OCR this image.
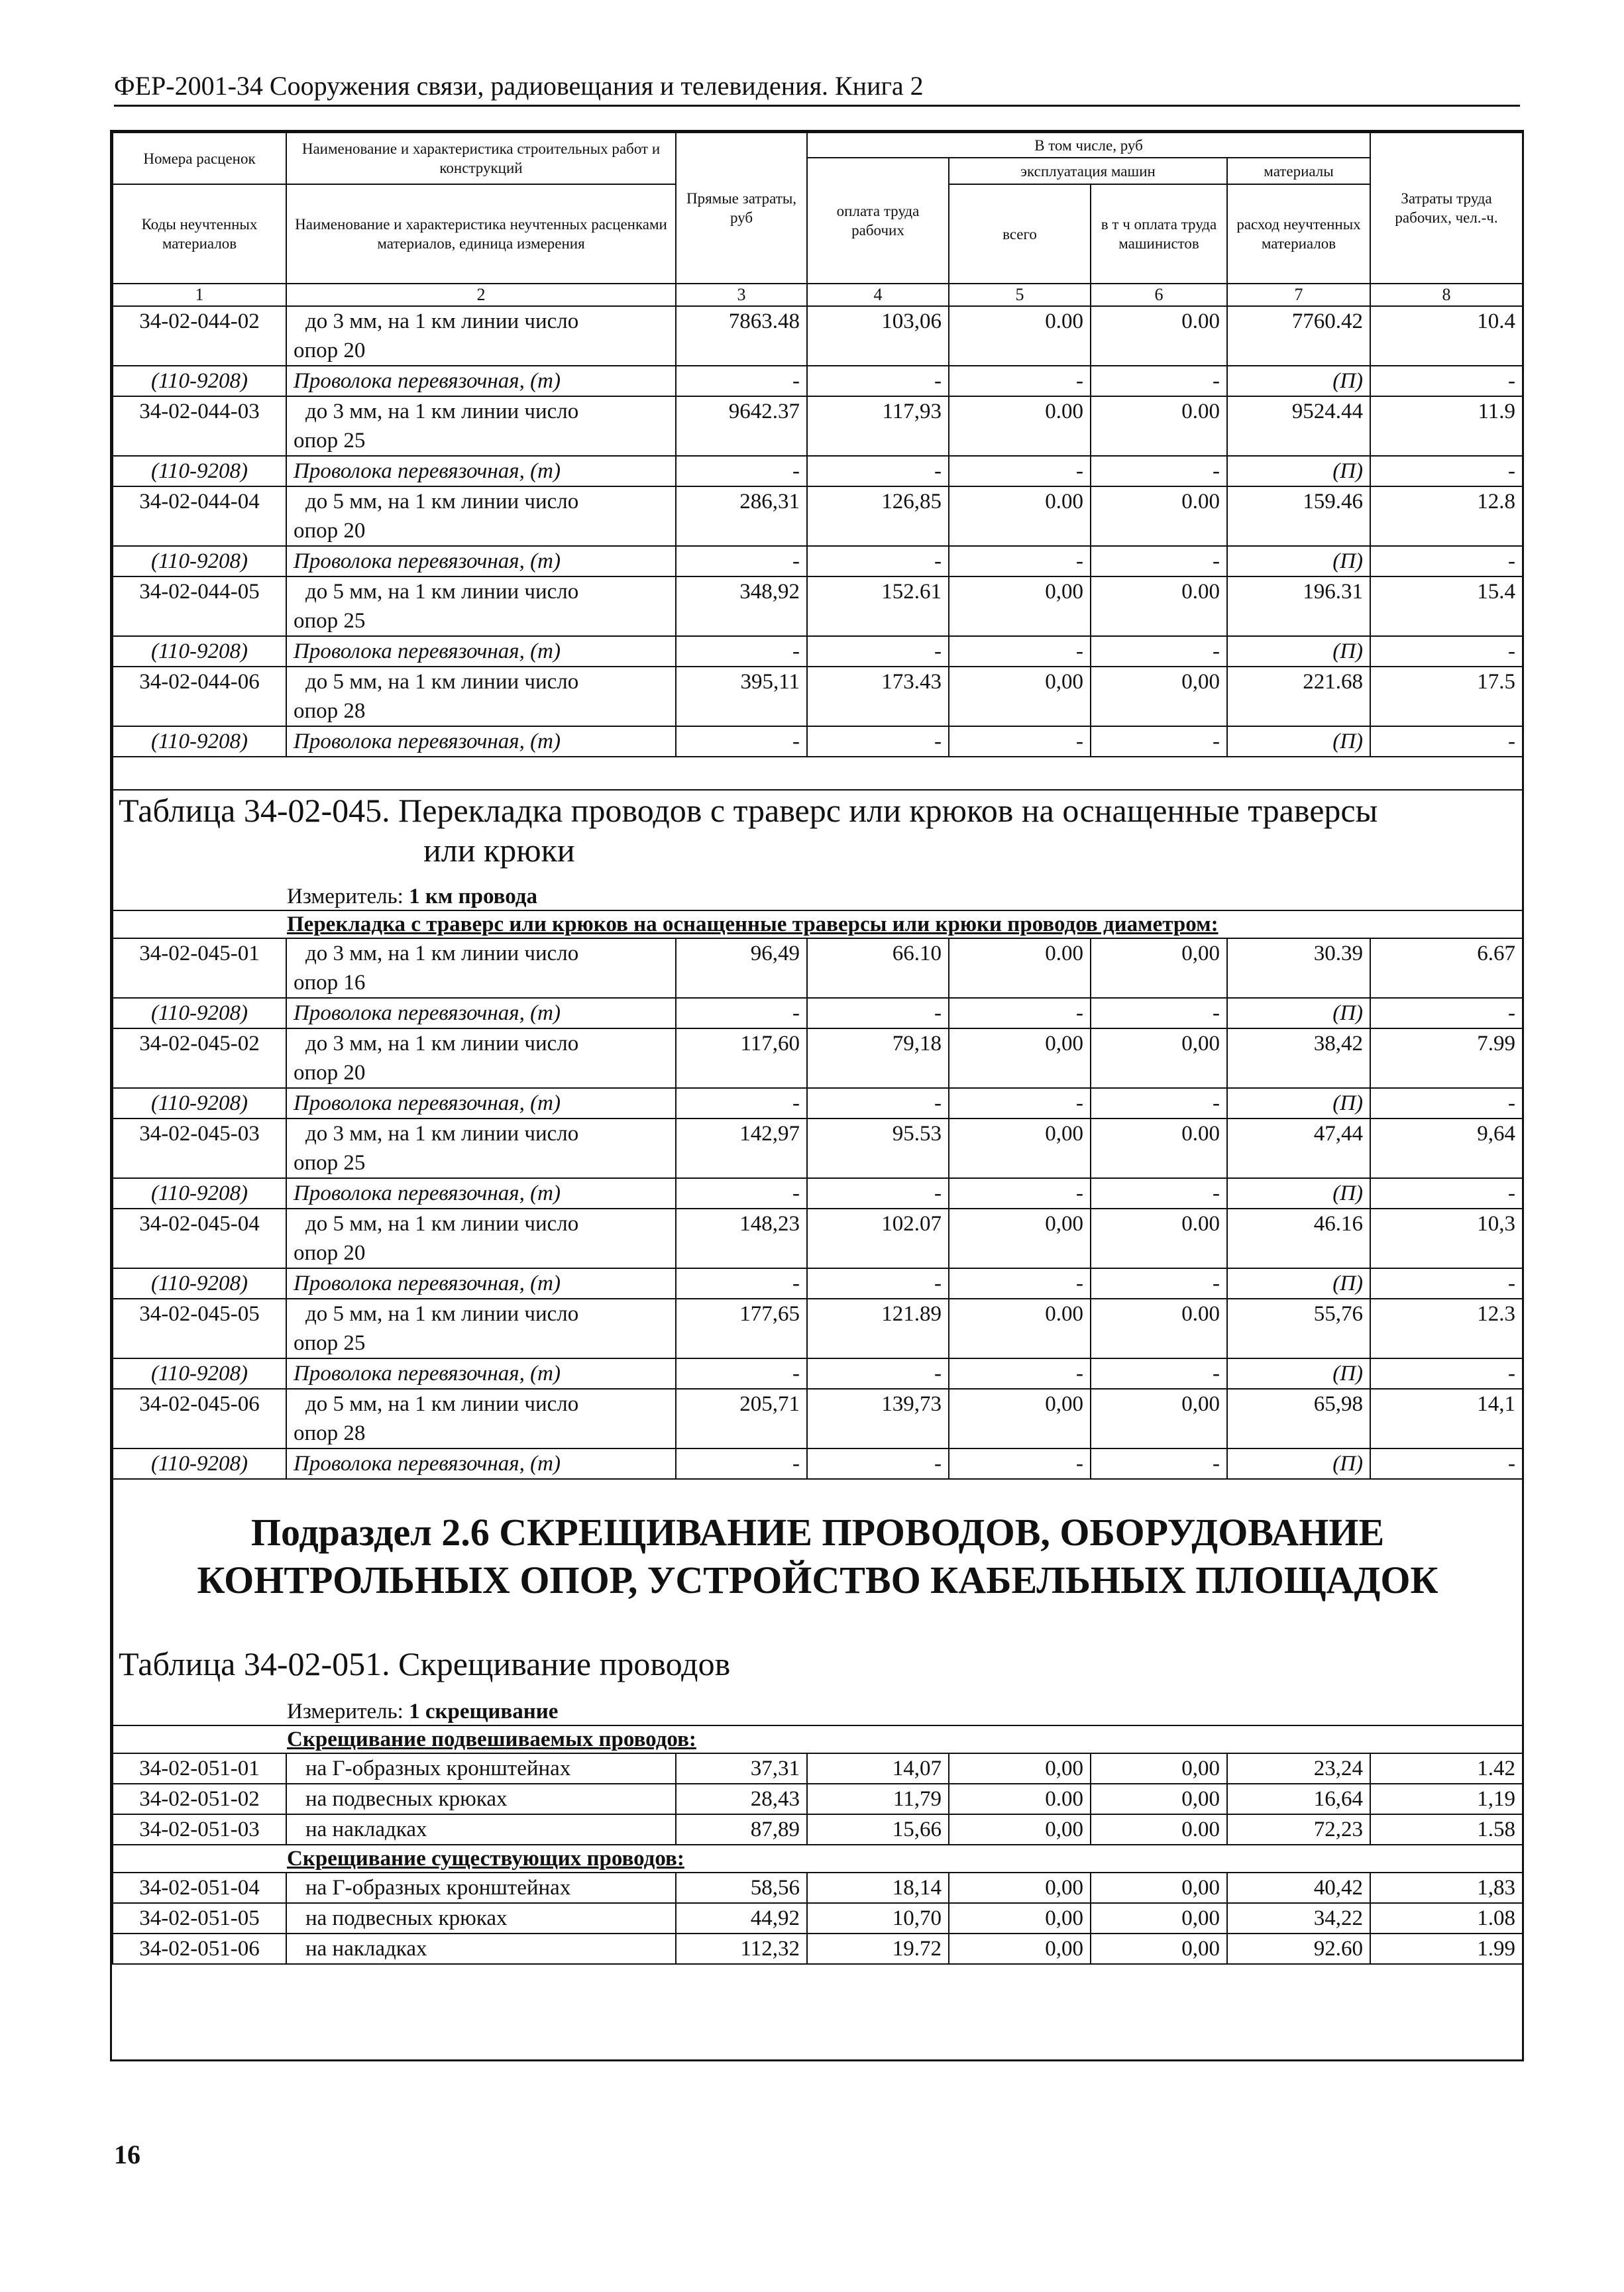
ФЕР-2001-34 Сооружения связи, радиовещания и телевидения. Книга 2
Номера расценок	Наименование и характеристика строительных работ и конструкций	Прямые затраты, руб	В том числе, руб				Затраты труда рабочих, чел.-ч.
			оплата труда рабочих	эксплуатация машин		материалы	
Коды неучтенных материалов	Наименование и характеристика неучтенных расценками материалов, единица измерения			всего	в т ч оплата труда машинистов	расход неучтенных материалов	

1	2	3	4	5	6	7	8
34-02-044-02	до 3 мм, на 1 км линии число
опор 20	7863.48	103,06	0.00	0.00	7760.42	10.4
(110-9208)	Проволока перевязочная, (т)	-	-	-	-	(П)	-
34-02-044-03	до 3 мм, на 1 км линии число
опор 25	9642.37	117,93	0.00	0.00	9524.44	11.9
(110-9208)	Проволока перевязочная, (т)	-	-	-	-	(П)	-
34-02-044-04	до 5 мм, на 1 км линии число
опор 20	286,31	126,85	0.00	0.00	159.46	12.8
(110-9208)	Проволока перевязочная, (т)	-	-	-	-	(П)	-
34-02-044-05	до 5 мм, на 1 км линии число
опор 25	348,92	152.61	0,00	0.00	196.31	15.4
(110-9208)	Проволока перевязочная, (т)	-	-	-	-	(П)	-
34-02-044-06	до 5 мм, на 1 км линии число
опор 28	395,11	173.43	0,00	0,00	221.68	17.5
(110-9208)	Проволока перевязочная, (т)	-	-	-	-	(П)	-

Таблица 34-02-045. Перекладка проводов с траверс или крюков на оснащенные траверсы
или крюки
Измеритель: 1 км провода							

Перекладка с траверс или крюков на оснащенные траверсы или крюки проводов диаметром:							
34-02-045-01	до 3 мм, на 1 км линии число
опор 16	96,49	66.10	0.00	0,00	30.39	6.67
(110-9208)	Проволока перевязочная, (т)	-	-	-	-	(П)	-
34-02-045-02	до 3 мм, на 1 км линии число
опор 20	117,60	79,18	0,00	0,00	38,42	7.99
(110-9208)	Проволока перевязочная, (т)	-	-	-	-	(П)	-
34-02-045-03	до 3 мм, на 1 км линии число
опор 25	142,97	95.53	0,00	0.00	47,44	9,64
(110-9208)	Проволока перевязочная, (т)	-	-	-	-	(П)	-
34-02-045-04	до 5 мм, на 1 км линии число
опор 20	148,23	102.07	0,00	0.00	46.16	10,3
(110-9208)	Проволока перевязочная, (т)	-	-	-	-	(П)	-
34-02-045-05	до 5 мм, на 1 км линии число
опор 25	177,65	121.89	0.00	0.00	55,76	12.3
(110-9208)	Проволока перевязочная, (т)	-	-	-	-	(П)	-
34-02-045-06	до 5 мм, на 1 км линии число
опор 28	205,71	139,73	0,00	0,00	65,98	14,1
(110-9208)	Проволока перевязочная, (т)	-	-	-	-	(П)	-

Подраздел 2.6 СКРЕЩИВАНИЕ ПРОВОДОВ, ОБОРУДОВАНИЕ
КОНТРОЛЬНЫХ ОПОР, УСТРОЙСТВО КАБЕЛЬНЫХ ПЛОЩАДОК
Таблица 34-02-051. Скрещивание проводов
Измеритель: 1 скрещивание							

Скрещивание подвешиваемых проводов:							
34-02-051-01	на Г-образных кронштейнах	37,31	14,07	0,00	0,00	23,24	1.42
34-02-051-02	на подвесных крюках	28,43	11,79	0.00	0,00	16,64	1,19
34-02-051-03	на накладках	87,89	15,66	0,00	0.00	72,23	1.58
Скрещивание существующих проводов:							
34-02-051-04	на Г-образных кронштейнах	58,56	18,14	0,00	0,00	40,42	1,83
34-02-051-05	на подвесных крюках	44,92	10,70	0,00	0,00	34,22	1.08
34-02-051-06	на накладках	112,32	19.72	0,00	0,00	92.60	1.99
16
